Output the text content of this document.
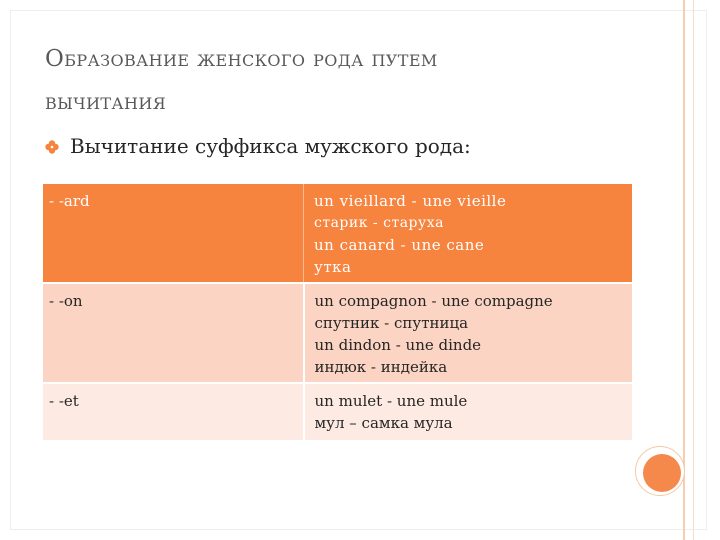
Образование женского рода путем
вычитания
Вычитание суффикса мужского рода:
- -ard	un vieillard - une vieille
старик - старуха
un canard - une cane
утка

- -on	un compagnon - une compagne
спутник - спутница
un dindon - une dinde
индюк - индейка

- -et	un mulet - une mule
мул – самка мула
